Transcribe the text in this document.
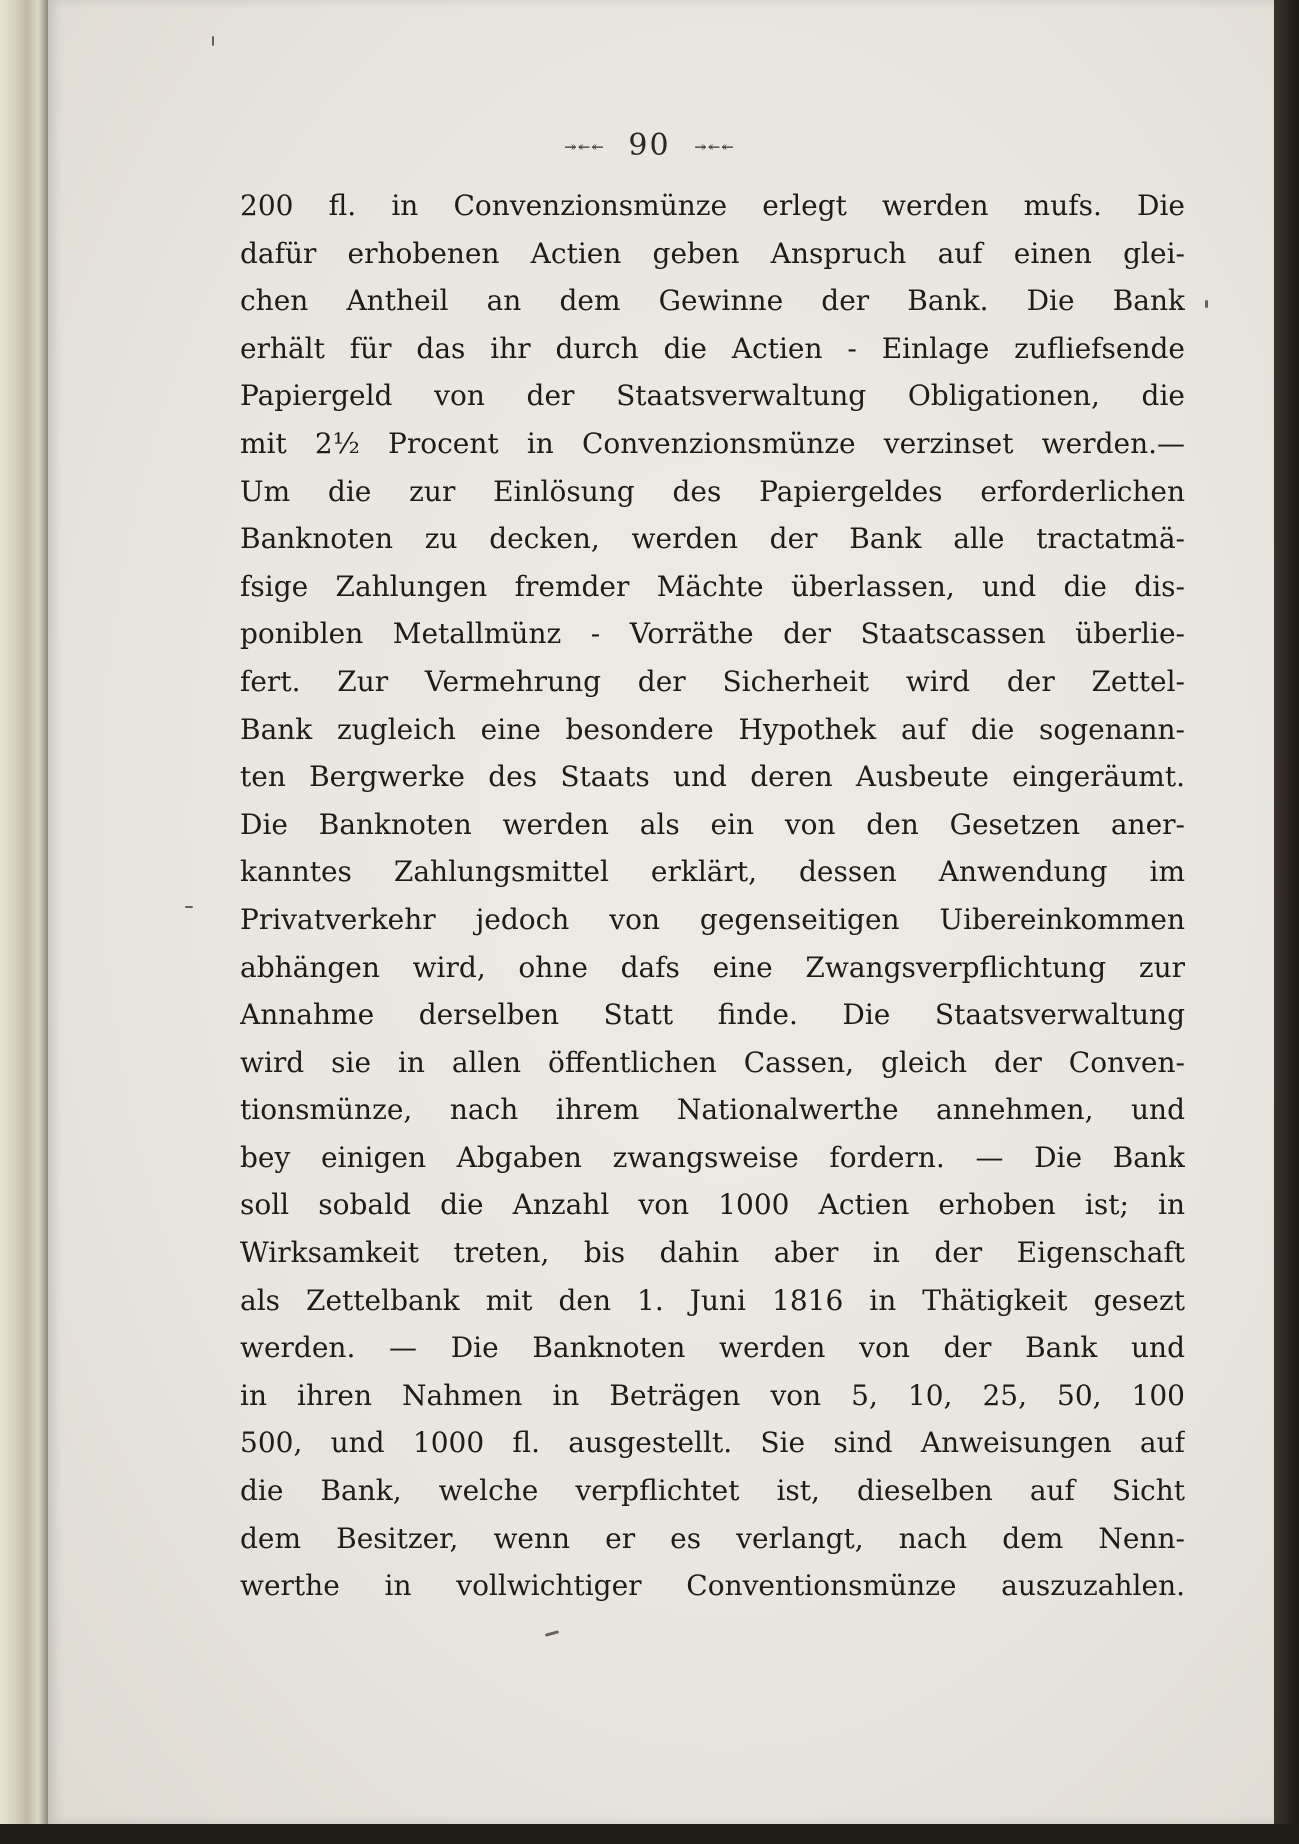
↠↞↞ 90 ↠↞↞
200 fl. in Convenzionsmünze erlegt werden mufs. Die
dafür erhobenen Actien geben Anspruch auf einen glei-
chen Antheil an dem Gewinne der Bank. Die Bank
erhält für das ihr durch die Actien - Einlage zufliefsende
Papiergeld von der Staatsverwaltung Obligationen, die
mit 2½ Procent in Convenzionsmünze verzinset werden.—
Um die zur Einlösung des Papiergeldes erforderlichen
Banknoten zu decken, werden der Bank alle tractatmä-
fsige Zahlungen fremder Mächte überlassen, und die dis-
poniblen Metallmünz - Vorräthe der Staatscassen überlie-
fert. Zur Vermehrung der Sicherheit wird der Zettel-
Bank zugleich eine besondere Hypothek auf die sogenann-
ten Bergwerke des Staats und deren Ausbeute eingeräumt.
Die Banknoten werden als ein von den Gesetzen aner-
kanntes Zahlungsmittel erklärt, dessen Anwendung im
Privatverkehr jedoch von gegenseitigen Uibereinkommen
abhängen wird, ohne dafs eine Zwangsverpflichtung zur
Annahme derselben Statt finde. Die Staatsverwaltung
wird sie in allen öffentlichen Cassen, gleich der Conven-
tionsmünze, nach ihrem Nationalwerthe annehmen, und
bey einigen Abgaben zwangsweise fordern. — Die Bank
soll sobald die Anzahl von 1000 Actien erhoben ist; in
Wirksamkeit treten, bis dahin aber in der Eigenschaft
als Zettelbank mit den 1. Juni 1816 in Thätigkeit gesezt
werden. — Die Banknoten werden von der Bank und
in ihren Nahmen in Beträgen von 5, 10, 25, 50, 100
500, und 1000 fl. ausgestellt. Sie sind Anweisungen auf
die Bank, welche verpflichtet ist, dieselben auf Sicht
dem Besitzer, wenn er es verlangt, nach dem Nenn-
werthe in vollwichtiger Conventionsmünze auszuzahlen.
